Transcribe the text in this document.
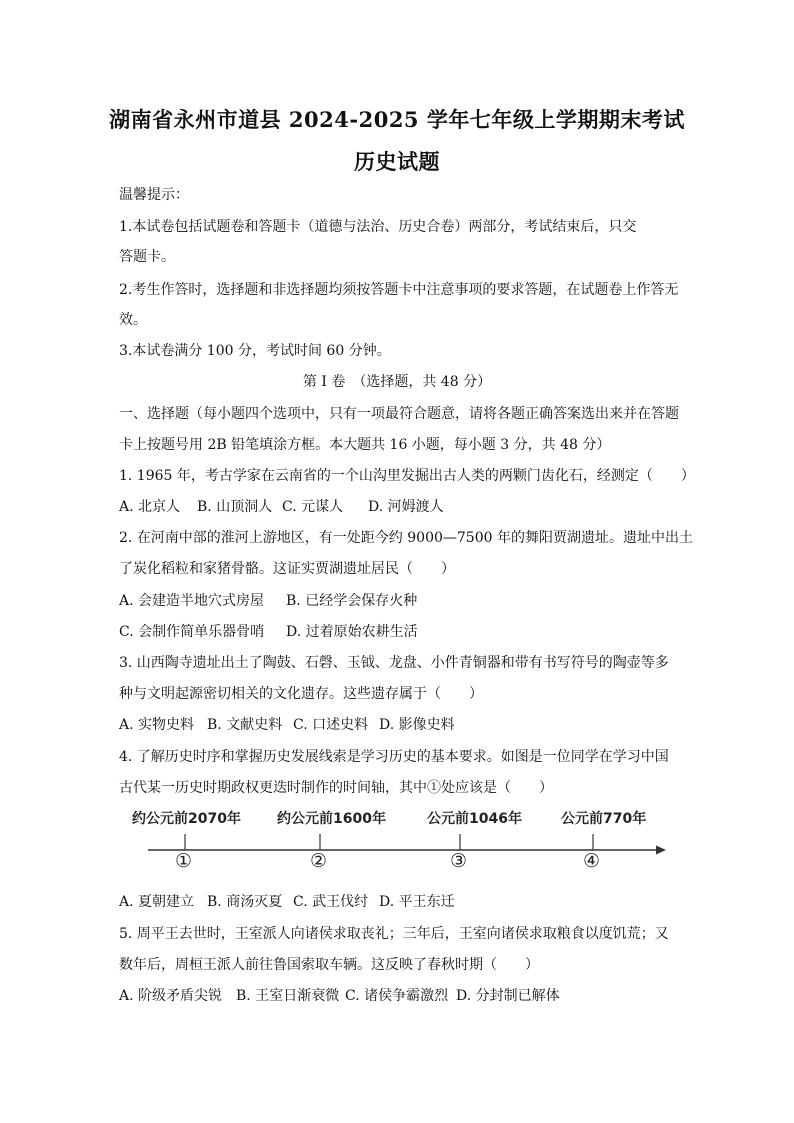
湖南省永州市道县 2024-2025 学年七年级上学期期末考试
历史试题
温馨提示：
1.本试卷包括试题卷和答题卡（道德与法治、历史合卷）两部分，考试结束后，只交
答题卡。
2.考生作答时，选择题和非选择题均须按答题卡中注意事项的要求答题，在试题卷上作答无
效。
3.本试卷满分 100 分，考试时间 60 分钟。
第 I 卷　（选择题，共 48 分）
一、选择题（每小题四个选项中，只有一项最符合题意，请将各题正确答案选出来并在答题
卡上按题号用 2B 铅笔填涂方框。本大题共 16 小题，每小题 3 分，共 48 分）
1. 1965 年，考古学家在云南省的一个山沟里发掘出古人类的两颗门齿化石，经测定（　　）
A. 北京人 B. 山顶洞人 C. 元谋人 D. 河姆渡人
2. 在河南中部的淮河上游地区，有一处距今约 9000—7500 年的舞阳贾湖遗址。遗址中出土
了炭化稻粒和家猪骨骼。这证实贾湖遗址居民（　　）
A. 会建造半地穴式房屋 B. 已经学会保存火种
C. 会制作简单乐器骨哨 D. 过着原始农耕生活
3. 山西陶寺遗址出土了陶鼓、石磬、玉钺、龙盘、小件青铜器和带有书写符号的陶壶等多
种与文明起源密切相关的文化遗存。这些遗存属于（　　）
A. 实物史料 B. 文献史料 C. 口述史料 D. 影像史料
4. 了解历史时序和掌握历史发展线索是学习历史的基本要求。如图是一位同学在学习中国
古代某一历史时期政权更迭时制作的时间轴，其中①处应该是（　　）
约公元前2070年	约公元前1600年	公元前1046年	公元前770年
①	②	③	④
A. 夏朝建立 B. 商汤灭夏 C. 武王伐纣 D. 平王东迁
5. 周平王去世时，王室派人向诸侯求取丧礼；三年后，王室向诸侯求取粮食以度饥荒；又
数年后，周桓王派人前往鲁国索取车辆。这反映了春秋时期（　　）
A. 阶级矛盾尖锐 B. 王室日渐衰微 C. 诸侯争霸激烈 D. 分封制已解体
